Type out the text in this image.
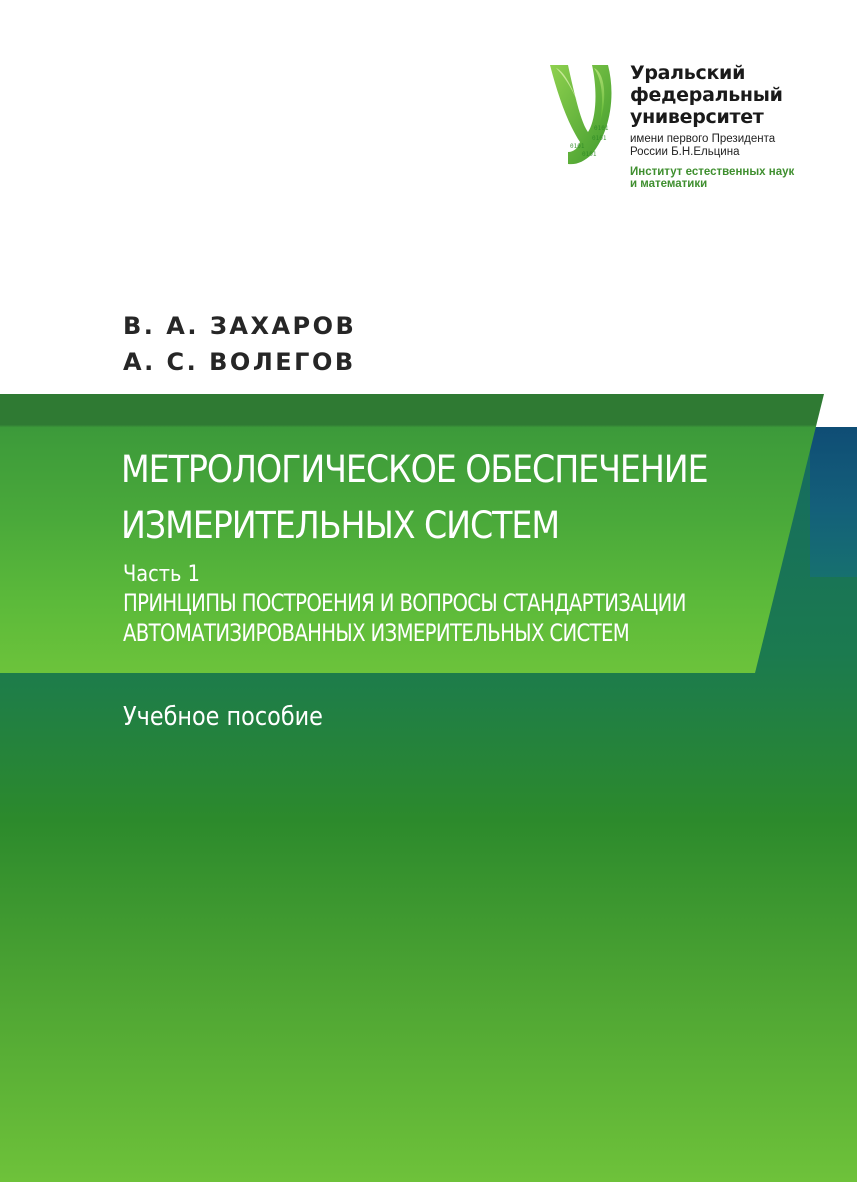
0101
0101
0101
0101
Уральский
федеральный
университет
имени первого Президента
России Б.Н.Ельцина
Институт естественных наук
и математики
В. А. ЗАХАРОВ
А. С. ВОЛЕГОВ
МЕТРОЛОГИЧЕСКОЕ ОБЕСПЕЧЕНИЕ
ИЗМЕРИТЕЛЬНЫХ СИСТЕМ
Часть 1
ПРИНЦИПЫ ПОСТРОЕНИЯ И ВОПРОСЫ СТАНДАРТИЗАЦИИ
АВТОМАТИЗИРОВАННЫХ ИЗМЕРИТЕЛЬНЫХ СИСТЕМ
Учебное пособие
